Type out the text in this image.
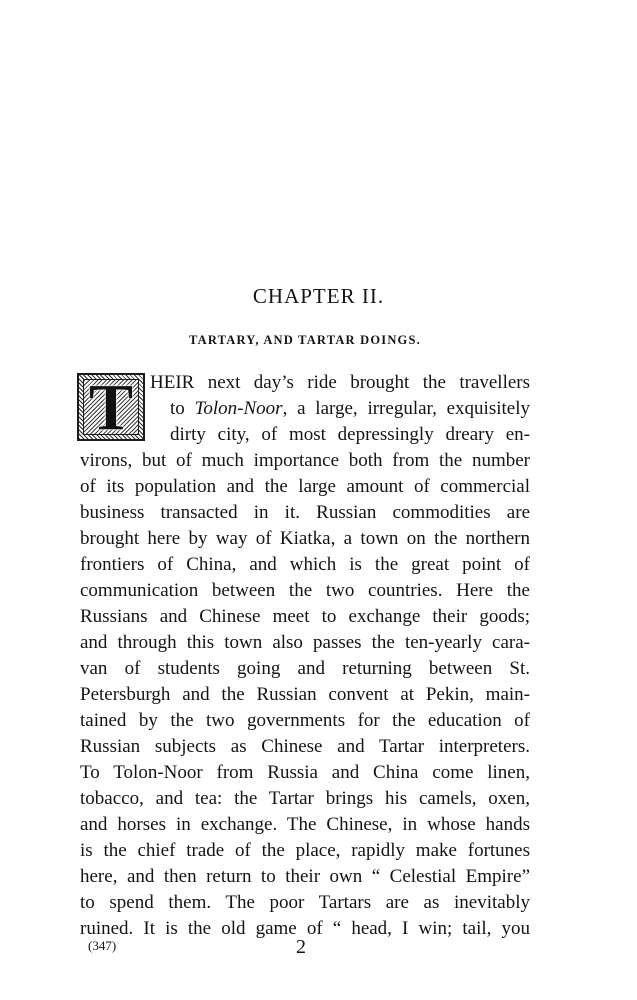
CHAPTER II.
TARTARY, AND TARTAR DOINGS.
T HEIR next day’s ride brought the travellers
to Tolon-Noor, a large, irregular, exquisitely
dirty city, of most depressingly dreary en-
virons, but of much importance both from the number
of its population and the large amount of commercial
business transacted in it. Russian commodities are
brought here by way of Kiatka, a town on the northern
frontiers of China, and which is the great point of
communication between the two countries. Here the
Russians and Chinese meet to exchange their goods;
and through this town also passes the ten-yearly cara-
van of students going and returning between St.
Petersburgh and the Russian convent at Pekin, main-
tained by the two governments for the education of
Russian subjects as Chinese and Tartar interpreters.
To Tolon-Noor from Russia and China come linen,
tobacco, and tea: the Tartar brings his camels, oxen,
and horses in exchange. The Chinese, in whose hands
is the chief trade of the place, rapidly make fortunes
here, and then return to their own “ Celestial Empire”
to spend them. The poor Tartars are as inevitably
ruined. It is the old game of “ head, I win; tail, you

(347)	2
